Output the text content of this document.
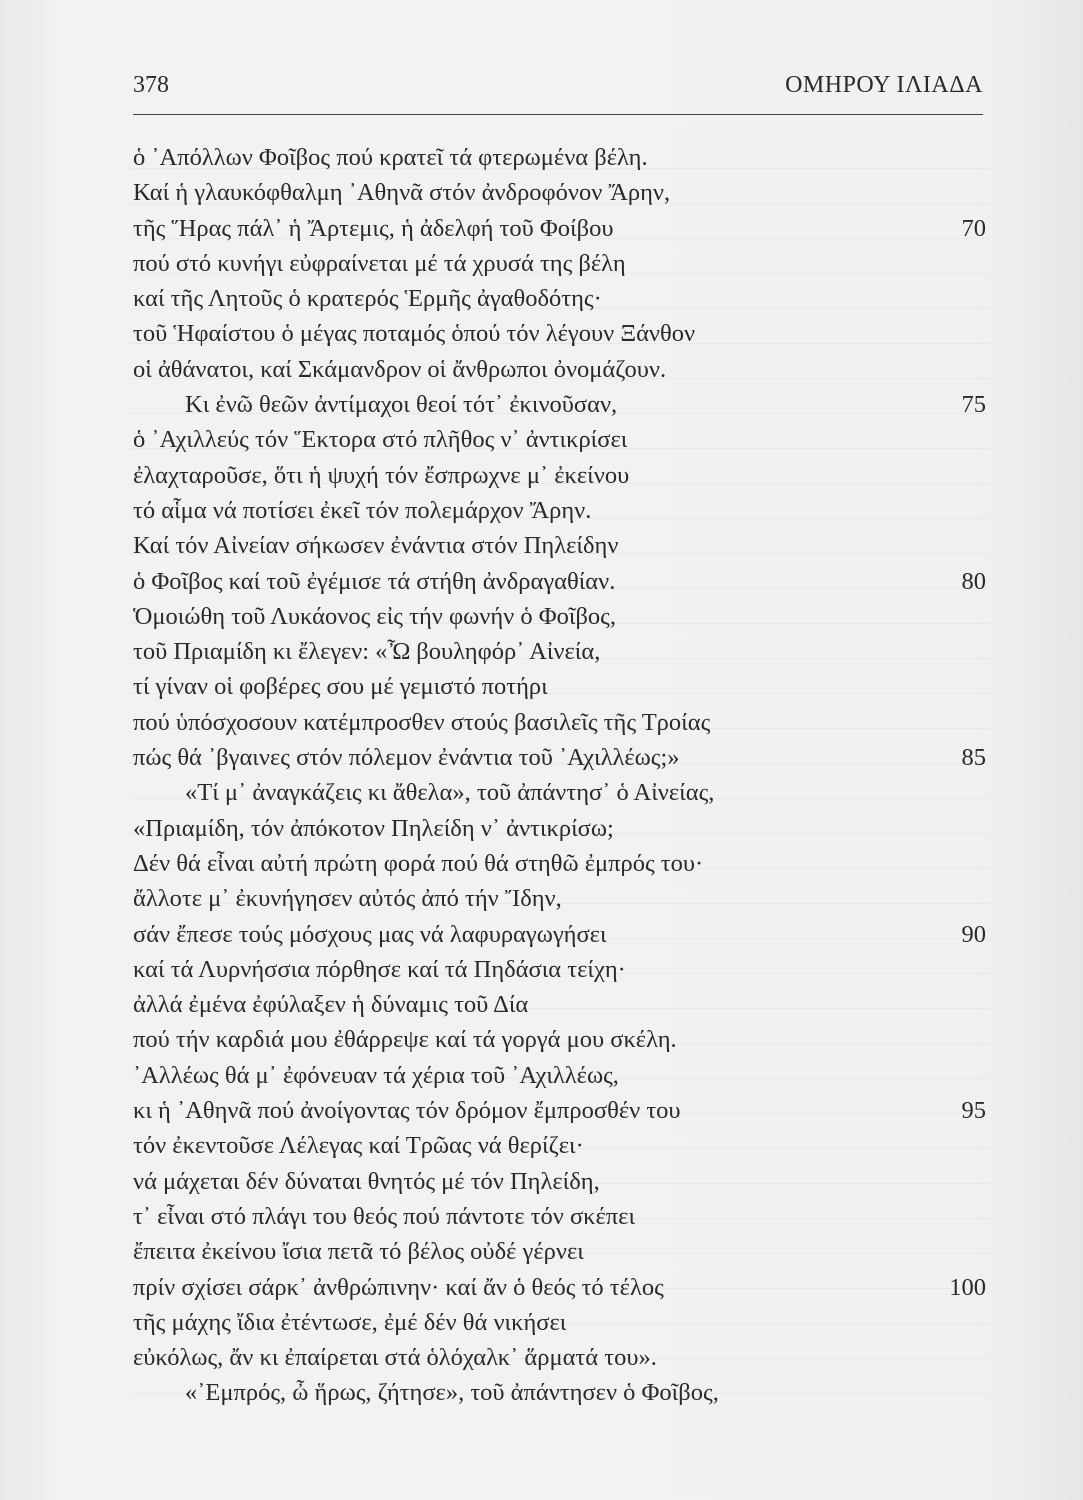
378	ΟΜΗΡΟΥ ΙΛΙΑΔΑ
ὁ ᾿Απόλλων Φοῖβος πού κρατεῖ τά φτερωμένα βέλη.
Καί ἡ γλαυκόφθαλμη ᾿Αθηνᾶ στόν ἀνδροφόνον Ἄρην,
τῆς Ἥρας πάλ᾿ ἡ Ἄρτεμις, ἡ ἀδελφή τοῦ Φοίβου	70
πού στό κυνήγι εὐφραίνεται μέ τά χρυσά της βέλη
καί τῆς Λητοῦς ὁ κρατερός Ἑρμῆς ἀγαθοδότης·
τοῦ Ἡφαίστου ὁ μέγας ποταμός ὁπού τόν λέγουν Ξάνθον
οἱ ἀθάνατοι, καί Σκάμανδρον οἱ ἄνθρωποι ὀνομάζουν.
Κι ἐνῶ θεῶν ἀντίμαχοι θεοί τότ᾿ ἐκινοῦσαν,	75
ὁ ᾿Αχιλλεύς τόν Ἕκτορα στό πλῆθος ν᾿ ἀντικρίσει
ἐλαχταροῦσε, ὅτι ἡ ψυχή τόν ἔσπρωχνε μ᾿ ἐκείνου
τό αἷμα νά ποτίσει ἐκεῖ τόν πολεμάρχον Ἄρην.
Καί τόν Αἰνείαν σήκωσεν ἐνάντια στόν Πηλείδην
ὁ Φοῖβος καί τοῦ ἐγέμισε τά στήθη ἀνδραγαθίαν.	80
Ὁμοιώθη τοῦ Λυκάονος εἰς τήν φωνήν ὁ Φοῖβος,
τοῦ Πριαμίδη κι ἔλεγεν: «Ὦ βουληφόρ᾿ Αἰνεία,
τί γίναν οἱ φοβέρες σου μέ γεμιστό ποτήρι
πού ὑπόσχοσουν κατέμπροσθεν στούς βασιλεῖς τῆς Τροίας
πώς θά ᾿βγαινες στόν πόλεμον ἐνάντια τοῦ ᾿Αχιλλέως;»	85
«Τί μ᾿ ἀναγκάζεις κι ἄθελα», τοῦ ἀπάντησ᾿ ὁ Αἰνείας,
«Πριαμίδη, τόν ἀπόκοτον Πηλείδη ν᾿ ἀντικρίσω;
Δέν θά εἶναι αὐτή πρώτη φορά πού θά στηθῶ ἐμπρός του·
ἄλλοτε μ᾿ ἐκυνήγησεν αὐτός ἀπό τήν Ἴδην,
σάν ἔπεσε τούς μόσχους μας νά λαφυραγωγήσει	90
καί τά Λυρνήσσια πόρθησε καί τά Πηδάσια τείχη·
ἀλλά ἐμένα ἐφύλαξεν ἡ δύναμις τοῦ Δία
πού τήν καρδιά μου ἐθάρρεψε καί τά γοργά μου σκέλη.
᾿Αλλέως θά μ᾿ ἐφόνευαν τά χέρια τοῦ ᾿Αχιλλέως,
κι ἡ ᾿Αθηνᾶ πού ἀνοίγοντας τόν δρόμον ἔμπροσθέν του	95
τόν ἐκεντοῦσε Λέλεγας καί Τρῶας νά θερίζει·
νά μάχεται δέν δύναται θνητός μέ τόν Πηλείδη,
τ᾿ εἶναι στό πλάγι του θεός πού πάντοτε τόν σκέπει
ἔπειτα ἐκείνου ἴσια πετᾶ τό βέλος οὐδέ γέρνει
πρίν σχίσει σάρκ᾿ ἀνθρώπινην· καί ἄν ὁ θεός τό τέλος	100
τῆς μάχης ἴδια ἐτέντωσε, ἐμέ δέν θά νικήσει
εὐκόλως, ἄν κι ἐπαίρεται στά ὁλόχαλκ᾿ ἅρματά του».
«᾿Εμπρός, ὦ ἥρως, ζήτησε», τοῦ ἀπάντησεν ὁ Φοῖβος,
